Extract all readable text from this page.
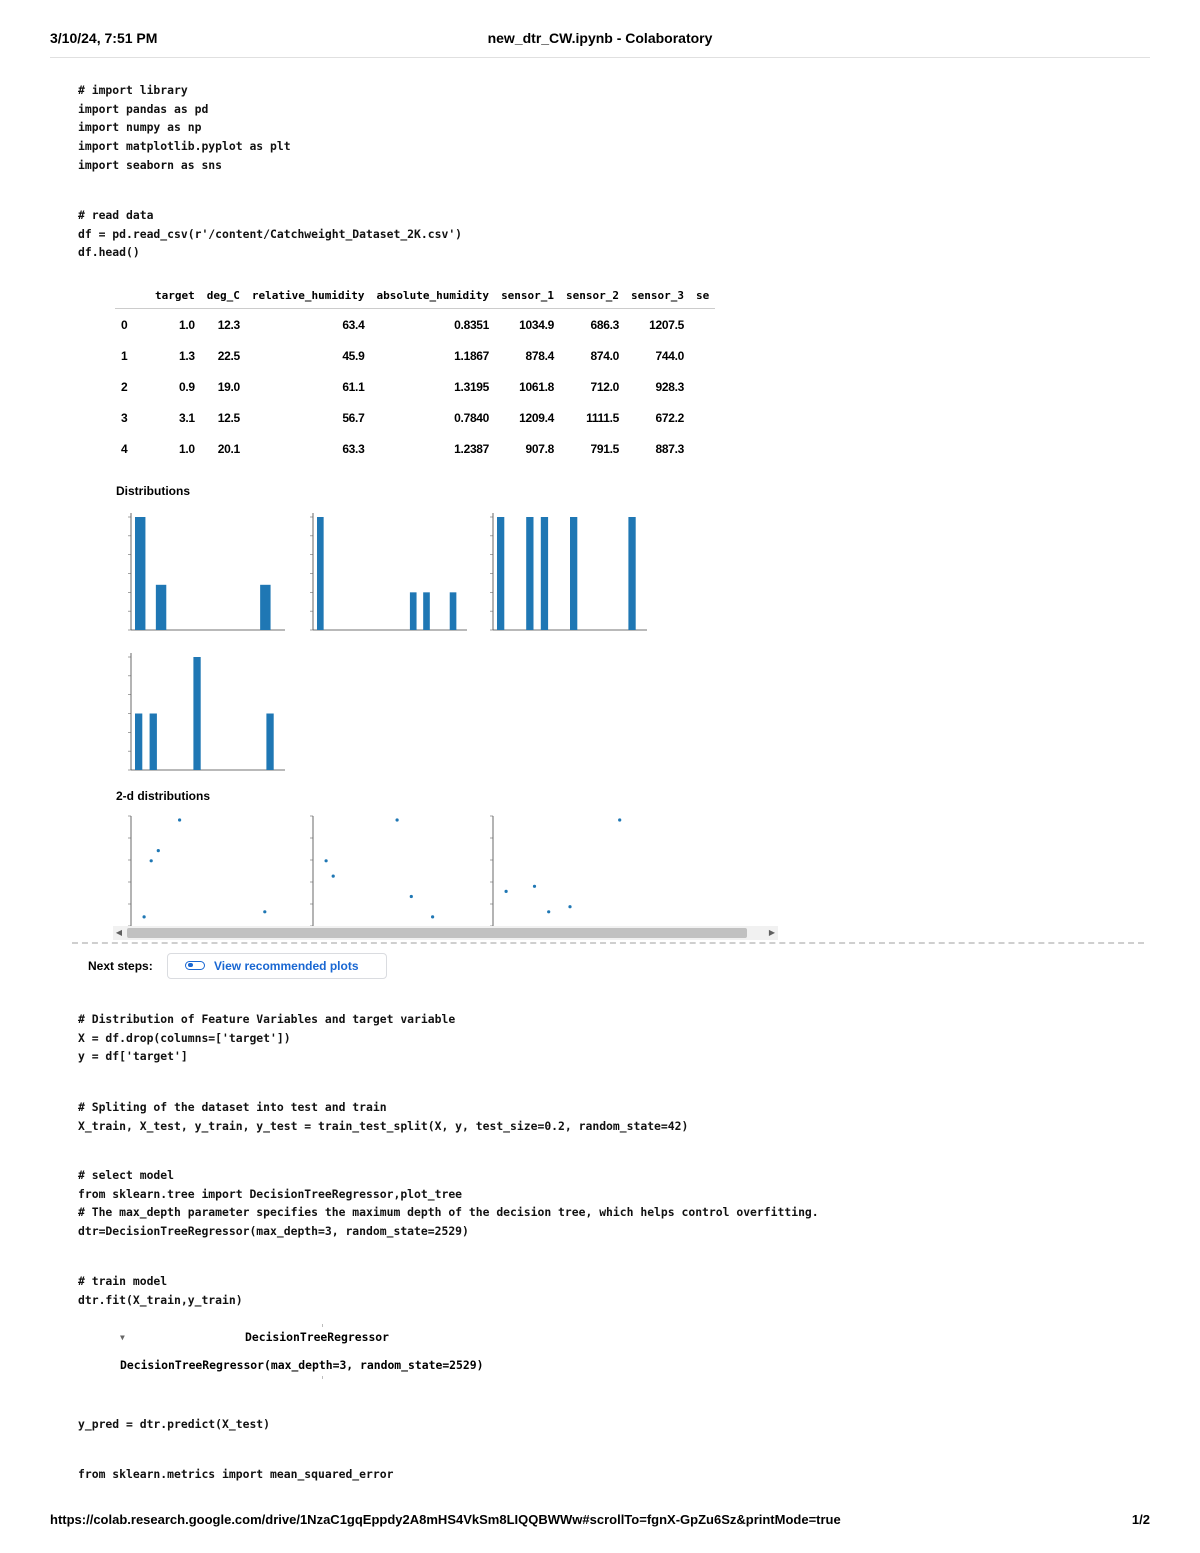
3/10/24, 7:51 PM	new_dtr_CW.ipynb - Colaboratory
# import library
import pandas as pd
import numpy as np
import matplotlib.pyplot as plt
import seaborn as sns
# read data
df = pd.read_csv(r'/content/Catchweight_Dataset_2K.csv')
df.head()
	target	deg_C	relative_humidity	absolute_humidity	sensor_1	sensor_2	sensor_3	se
0	1.0	12.3	63.4	0.8351	1034.9	686.3	1207.5	
1	1.3	22.5	45.9	1.1867	878.4	874.0	744.0	
2	0.9	19.0	61.1	1.3195	1061.8	712.0	928.3	
3	3.1	12.5	56.7	0.7840	1209.4	1111.5	672.2	
4	1.0	20.1	63.3	1.2387	907.8	791.5	887.3	
Distributions
2-d distributions
◀	▶
Next steps:	View recommended plots
# Distribution of Feature Variables and target variable
X = df.drop(columns=['target'])
y = df['target']
# Spliting of the dataset into test and train
X_train, X_test, y_train, y_test = train_test_split(X, y, test_size=0.2, random_state=42)
# select model
from sklearn.tree import DecisionTreeRegressor,plot_tree
# The max_depth parameter specifies the maximum depth of the decision tree, which helps control overfitting.
dtr=DecisionTreeRegressor(max_depth=3, random_state=2529)
# train model
dtr.fit(X_train,y_train)
▼	DecisionTreeRegressor
DecisionTreeRegressor(max_depth=3, random_state=2529)
y_pred = dtr.predict(X_test)
from sklearn.metrics import mean_squared_error
https://colab.research.google.com/drive/1NzaC1gqEppdy2A8mHS4VkSm8LIQQBWWw#scrollTo=fgnX-GpZu6Sz&printMode=true	1/2
